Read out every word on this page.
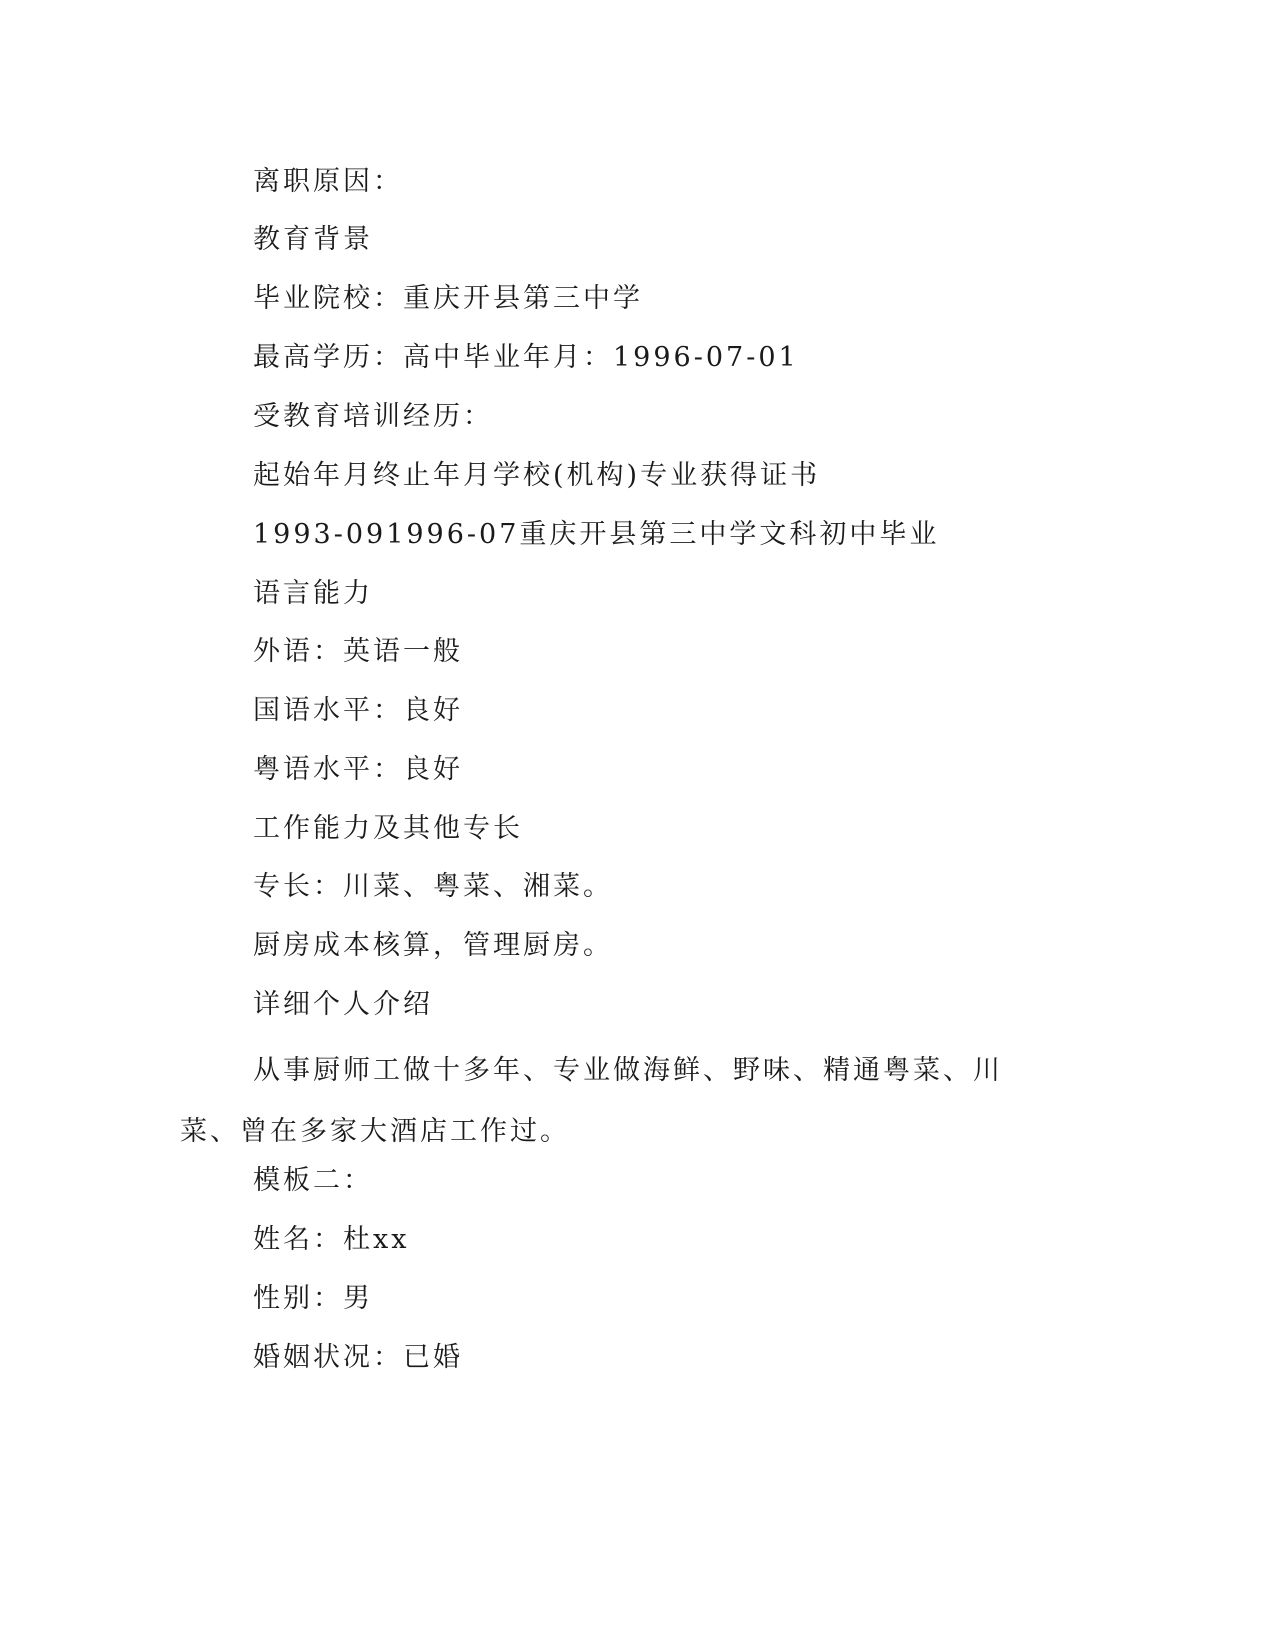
离职原因：
教育背景
毕业院校：重庆开县第三中学
最高学历：高中毕业年月：1996-07-01
受教育培训经历：
起始年月终止年月学校(机构)专业获得证书
1993-091996-07重庆开县第三中学文科初中毕业
语言能力
外语：英语一般
国语水平：良好
粤语水平：良好
工作能力及其他专长
专长：川菜、粤菜、湘菜。
厨房成本核算，管理厨房。
详细个人介绍
从事厨师工做十多年、专业做海鲜、野味、精通粤菜、川菜、曾在多家大酒店工作过。
模板二：
姓名：杜xx
性别：男
婚姻状况：已婚
